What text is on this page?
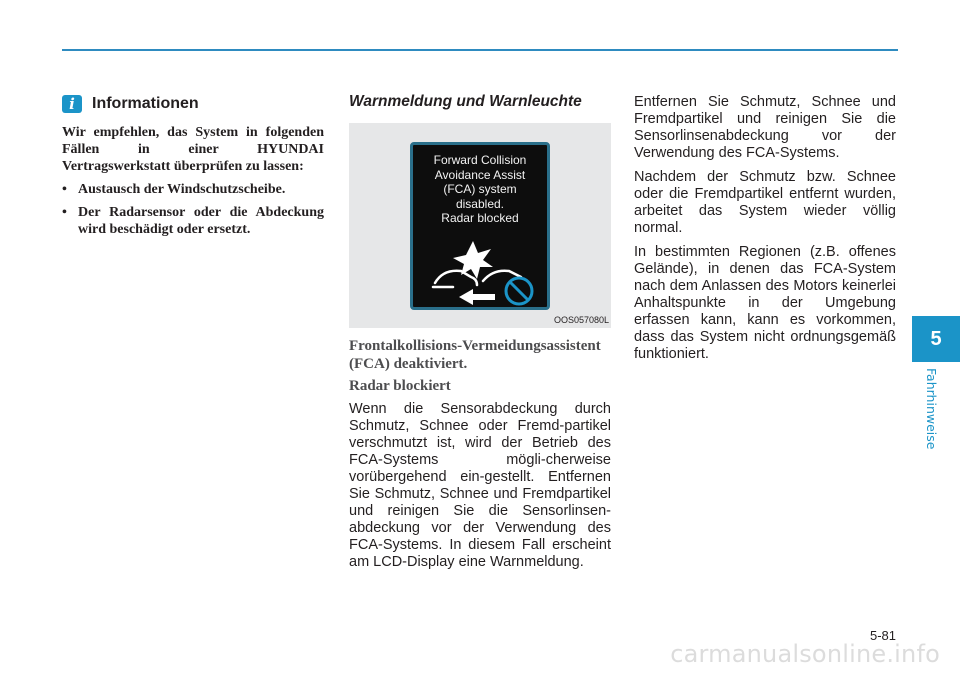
i	Informationen

Wir empfehlen, das System in folgenden Fällen in einer HYUNDAI Vertragswerkstatt überprüfen zu lassen:

• Austausch der Windschutzscheibe.
• Der Radarsensor oder die Abdeckung wird beschädigt oder ersetzt.
Warnmeldung und Warnleuchte
Forward Collision
Avoidance Assist
(FCA) system
disabled.
Radar blocked
OOS057080L

Frontalkollisions-Vermeidungsassistent (FCA) deaktiviert.

Radar blockiert

Wenn die Sensorabdeckung durch Schmutz, Schnee oder Fremd-partikel verschmutzt ist, wird der Betrieb des FCA-Systems mögli-cherweise vorübergehend ein-gestellt. Entfernen Sie Schmutz, Schnee und Fremdpartikel und reinigen Sie die Sensorlinsen-abdeckung vor der Verwendung des FCA-Systems. In diesem Fall erscheint am LCD-Display eine Warnmeldung.

Entfernen Sie Schmutz, Schnee und Fremdpartikel und reinigen Sie die Sensorlinsenabdeckung vor der Verwendung des FCA-Systems.

Nachdem der Schmutz bzw. Schnee oder die Fremdpartikel entfernt wurden, arbeitet das System wieder völlig normal.

In bestimmten Regionen (z.B. offenes Gelände), in denen das FCA-System nach dem Anlassen des Motors keinerlei Anhaltspunkte in der Umgebung erfassen kann, kann es vorkommen, dass das System nicht ordnungsgemäß funktioniert.

5
Fahrhinweise
5-81
carmanualsonline.info
